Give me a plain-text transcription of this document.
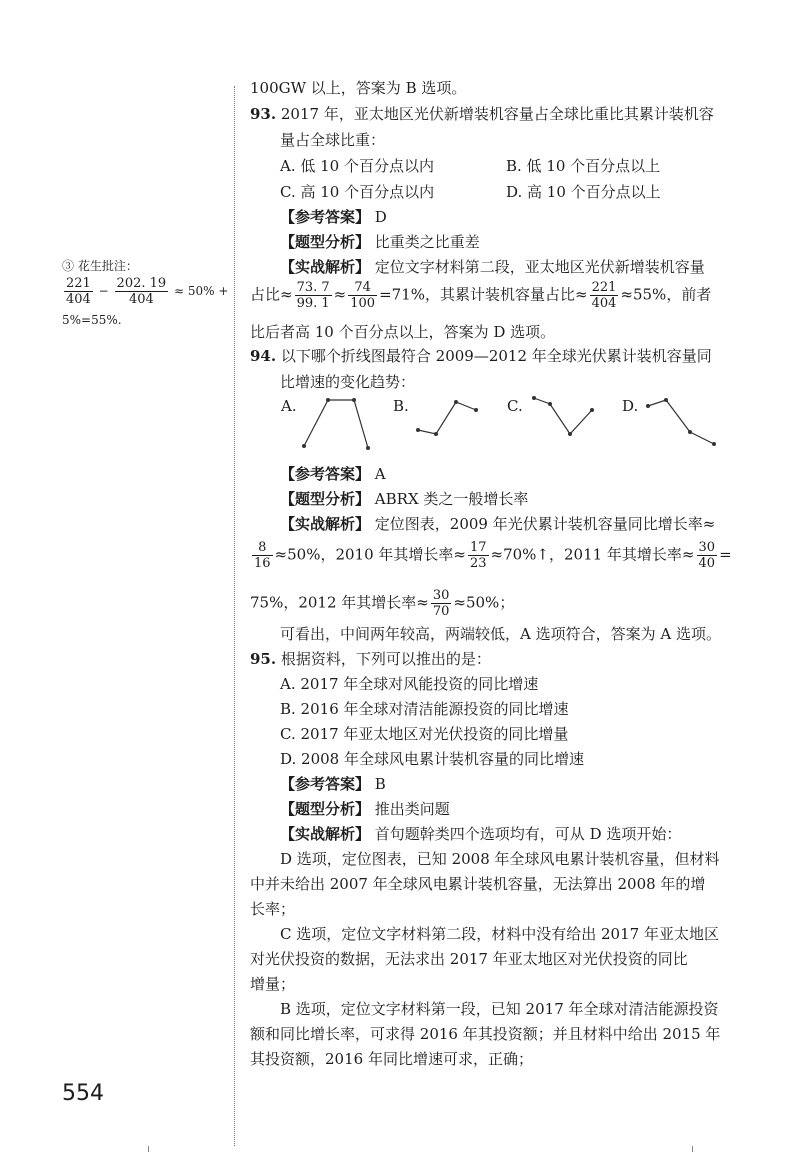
③ 花生批注：
$\frac{221}{404} - \frac{202. 19}{404} \approx 50\%$ +
5%=55%.
100GW 以上，答案为 B 选项。
93. 2017 年，亚太地区光伏新增装机容量占全球比重比其累计装机容
量占全球比重：
A. 低 10 个百分点以内	B. 低 10 个百分点以上
C. 高 10 个百分点以内	D. 高 10 个百分点以上
【参考答案】 D
【题型分析】 比重类之比重差
【实战解析】 定位文字材料第二段，亚太地区光伏新增装机容量
占比≈ $\frac{73. 7}{99. 1} \approx \frac{74}{100} =71\%$，其累计装机容量占比≈ $\frac{221}{404} \approx 55\%$，前者
比后者高 10 个百分点以上，答案为 D 选项。
94. 以下哪个折线图最符合 2009—2012 年全球光伏累计装机容量同
比增速的变化趋势：
A.	B.	C.	D.
【参考答案】 A
【题型分析】 ABRX 类之一般增长率
【实战解析】 定位图表，2009 年光伏累计装机容量同比增长率≈
$\frac{8}{16} \approx 50\%$，2010 年其增长率≈ $\frac{17}{23}$ ≈70%↑，2011 年其增长率≈ $\frac{30}{40}$ =
75%，2012 年其增长率≈ $\frac{30}{70} \approx 50\%$；
可看出，中间两年较高，两端较低，A 选项符合，答案为 A 选项。
95. 根据资料，下列可以推出的是：
A. 2017 年全球对风能投资的同比增速
B. 2016 年全球对清洁能源投资的同比增速
C. 2017 年亚太地区对光伏投资的同比增量
D. 2008 年全球风电累计装机容量的同比增速
【参考答案】 B
【题型分析】 推出类问题
【实战解析】 首句题幹类四个选项均有，可从 D 选项开始：
D 选项，定位图表，已知 2008 年全球风电累计装机容量，但材料
中并未给出 2007 年全球风电累计装机容量，无法算出 2008 年的增
长率；
C 选项，定位文字材料第二段，材料中没有给出 2017 年亚太地区
对光伏投资的数据，无法求出 2017 年亚太地区对光伏投资的同比
增量；
B 选项，定位文字材料第一段，已知 2017 年全球对清洁能源投资
额和同比增长率，可求得 2016 年其投资额；并且材料中给出 2015 年
其投资额，2016 年同比增速可求，正确；
554
